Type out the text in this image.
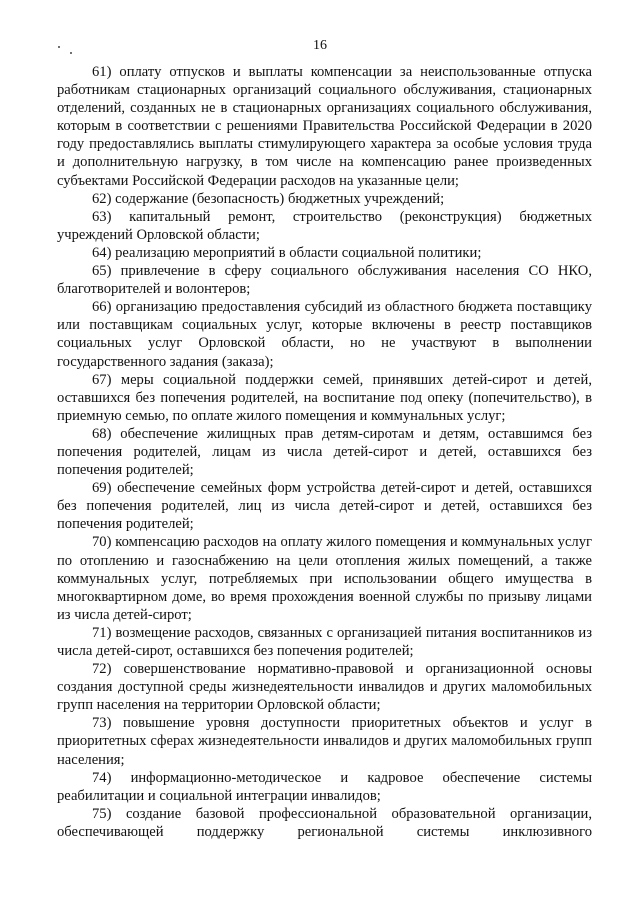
16

61) оплату отпусков и выплаты компенсации за неиспользованные отпуска работникам стационарных организаций социального обслуживания, стационарных отделений, созданных не в стационарных организациях социального обслуживания, которым в соответствии с решениями Правительства Российской Федерации в 2020 году предоставлялись выплаты стимулирующего характера за особые условия труда и дополнительную нагрузку, в том числе на компенсацию ранее произведенных субъектами Российской Федерации расходов на указанные цели;

62) содержание (безопасность) бюджетных учреждений;

63) капитальный ремонт, строительство (реконструкция) бюджетных учреждений Орловской области;

64) реализацию мероприятий в области социальной политики;

65) привлечение в сферу социального обслуживания населения СО НКО, благотворителей и волонтеров;

66) организацию предоставления субсидий из областного бюджета поставщику или поставщикам социальных услуг, которые включены в реестр поставщиков социальных услуг Орловской области, но не участвуют в выполнении государственного задания (заказа);

67) меры социальной поддержки семей, принявших детей-сирот и детей, оставшихся без попечения родителей, на воспитание под опеку (попечительство), в приемную семью, по оплате жилого помещения и коммунальных услуг;

68) обеспечение жилищных прав детям-сиротам и детям, оставшимся без попечения родителей, лицам из числа детей-сирот и детей, оставшихся без попечения родителей;

69) обеспечение семейных форм устройства детей-сирот и детей, оставшихся без попечения родителей, лиц из числа детей-сирот и детей, оставшихся без попечения родителей;

70) компенсацию расходов на оплату жилого помещения и коммунальных услуг по отоплению и газоснабжению на цели отопления жилых помещений, а также коммунальных услуг, потребляемых при использовании общего имущества в многоквартирном доме, во время прохождения военной службы по призыву лицами из числа детей-сирот;

71) возмещение расходов, связанных с организацией питания воспитанников из числа детей-сирот, оставшихся без попечения родителей;

72) совершенствование нормативно-правовой и организационной основы создания доступной среды жизнедеятельности инвалидов и других маломобильных групп населения на территории Орловской области;

73) повышение уровня доступности приоритетных объектов и услуг в приоритетных сферах жизнедеятельности инвалидов и других маломобильных групп населения;

74) информационно-методическое и кадровое обеспечение системы реабилитации и социальной интеграции инвалидов;

75) создание базовой профессиональной образовательной организации, обеспечивающей поддержку региональной системы инклюзивного
